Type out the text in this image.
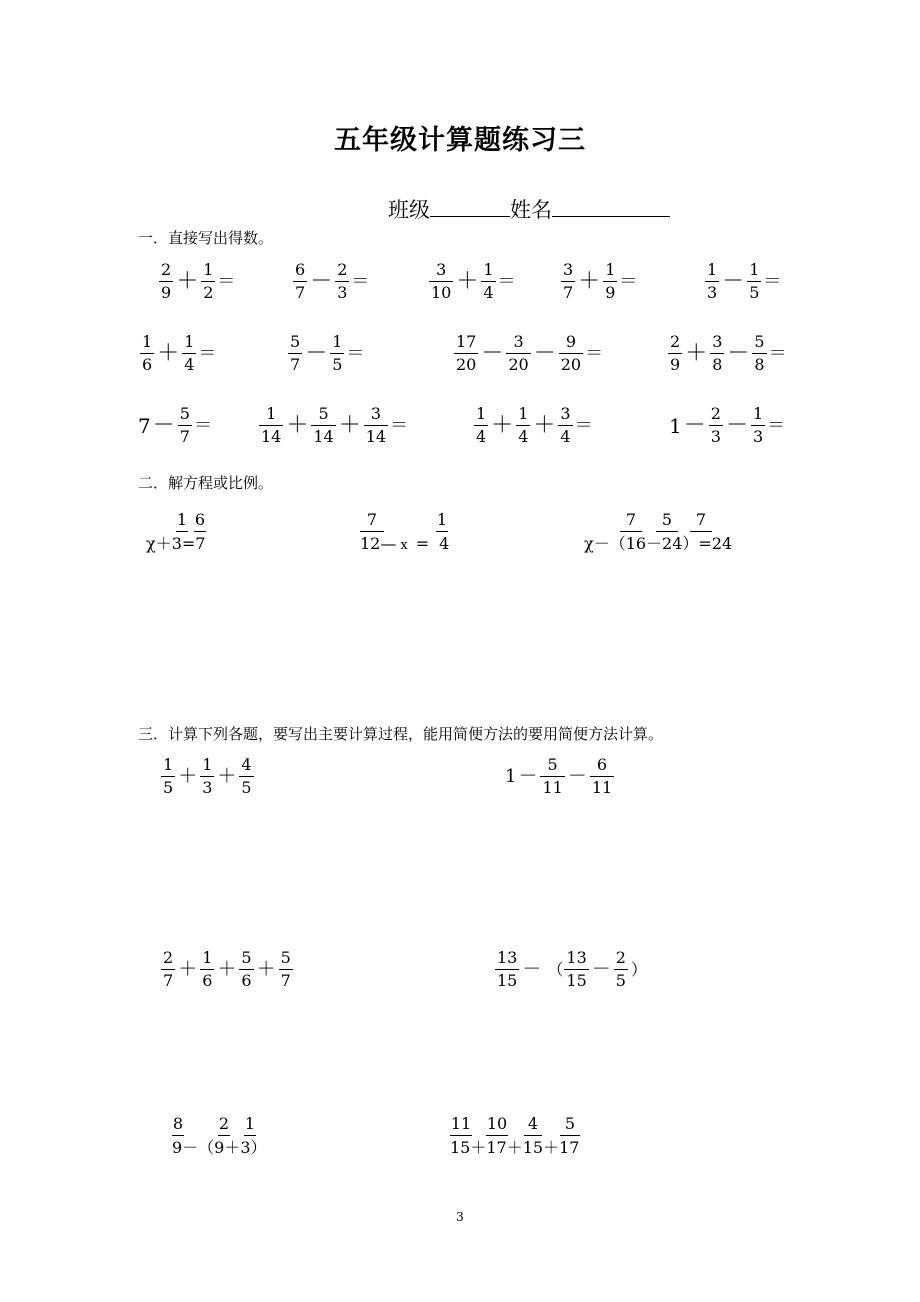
五年级计算题练习三
班级	姓名
一．直接写出得数。
$\frac{2}{9} + \frac{1}{2}$ ＝	$\frac{6}{7} - \frac{2}{3}$ ＝	$\frac{3}{10} + \frac{1}{4}$ ＝	$\frac{3}{7} + \frac{1}{9}$ ＝	$\frac{1}{3} - \frac{1}{5}$ ＝
$\frac{1}{6} + \frac{1}{4}$ ＝	$\frac{5}{7} - \frac{1}{5}$ ＝	$\frac{17}{20} - \frac{3}{20} - \frac{9}{20}$ ＝	$\frac{2}{9} + \frac{3}{8} - \frac{5}{8}$ ＝
$7 - \frac{5}{7}$ ＝	$\frac{1}{14} + \frac{5}{14} + \frac{3}{14}$ ＝	$\frac{1}{4} + \frac{1}{4} + \frac{3}{4}$ ＝	$1 - \frac{2}{3} - \frac{1}{3}$ ＝
二．解方程或比例。
1 6
χ＋3=7
7	1
12— x = 4
7	5	7
χ－（16－24）=24
三．计算下列各题，要写出主要计算过程，能用简便方法的要用简便方法计算。
$\frac{1}{5} + \frac{1}{3} + \frac{4}{5}$	$1 - \frac{5}{11} - \frac{6}{11}$
$\frac{2}{7} + \frac{1}{6} + \frac{5}{6} + \frac{5}{7}$	$\frac{13}{15}$ － （ $\frac{13}{15} - \frac{2}{5}$ ）
8 2 1
9－（9＋3）
11 10 4	5
15＋17＋15＋17
3
